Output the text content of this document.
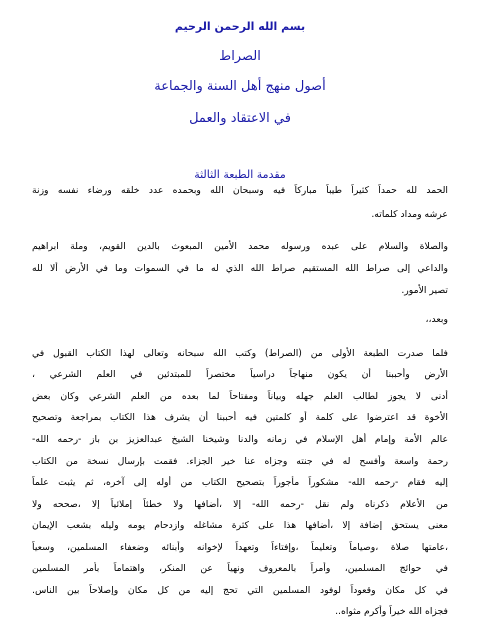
بسم الله الرحمن الرحيم
الصراط
أصول منهج أهل السنة والجماعة
في الاعتقاد والعمل
مقدمة الطبعة الثالثة
الحمد لله حمداً كثيراً طيباً مباركاً فيه وسبحان الله وبحمده عدد خلقه ورضاء نفسه وزنة
عرشه ومداد كلماته.
والصلاة والسلام على عبده ورسوله محمد الأمين المبعوث بالدين القويم، وملة ابراهيم
والداعي إلى صراط الله المستقيم صراط الله الذي له ما في السموات وما في الأرض ألا لله
تصير الأمور.
وبعد،،
فلما صدرت الطبعة الأولى من (الصراط) وكتب الله سبحانه وتعالى لهذا الكتاب القبول في
الأرض وأحببنا أن يكون منهاجاً دراسياً مختصراً للمبتدئين في العلم الشرعي ،
أدنى لا يجوز لطالب العلم جهله وبياناً ومفتاحاً لما بعده من العلم الشرعي وكان بعض
الأخوة قد اعترضوا على كلمة أو كلمتين فيه أحببنا أن يشرف هذا الكتاب بمراجعة وتصحيح
عالم الأمة وإمام أهل الإسلام في زمانه والدنا وشيخنا الشيخ عبدالعزيز بن باز -رحمه الله-
رحمة واسعة وأفسح له في جنته وجزاه عنا خير الجزاء. فقمت بإرسال نسخة من الكتاب
إليه فقام -رحمه الله- مشكوراً مأجوراً بتصحيح الكتاب من أوله إلى آخره، ثم يثبت علماً
من الأعلام ذكرناه ولم نقل -رحمه الله- إلا ،أضافها ولا خطئاً إملائياً إلا ،صححه ولا
معنى يستحق إضافة إلا ،أضافها هذا على كثرة مشاغله وازدحام يومه وليله بشعب الإيمان
،عامتها صلاة ،وصياماً وتعليماً ،وإفتاءاً وتعهداً لإخوانه وأبنائه وضعفاء المسلمين، وسعياً
في حوائج المسلمين، وأمراً بالمعروف ونهياً عن المنكر، واهتماماً بأمر المسلمين
في كل مكان وقعوداً لوفود المسلمين التي تحج إليه من كل مكان وإصلاحاً بين الناس.
فجزاه الله خيراً وأكرم مثواه..
